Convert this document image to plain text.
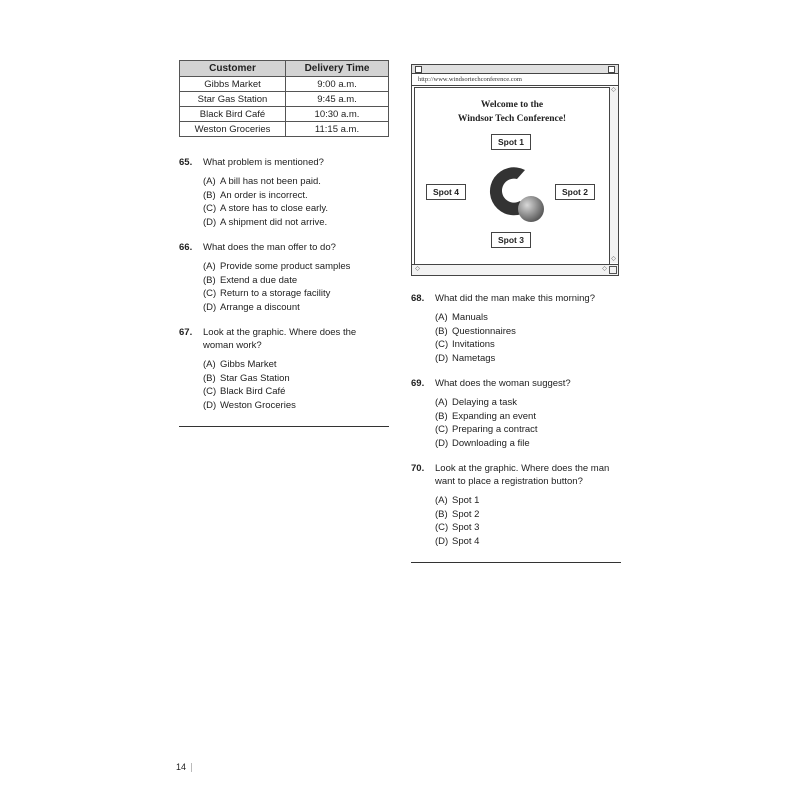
Customer	Delivery Time
Gibbs Market	9:00 a.m.
Star Gas Station	9:45 a.m.
Black Bird Café	10:30 a.m.
Weston Groceries	11:15 a.m.
65.	What problem is mentioned?
(A) A bill has not been paid.
(B) An order is incorrect.
(C) A store has to close early.
(D) A shipment did not arrive.
66.	What does the man offer to do?
(A) Provide some product samples
(B) Extend a due date
(C) Return to a storage facility
(D) Arrange a discount
67.	Look at the graphic. Where does the woman work?
(A) Gibbs Market
(B) Star Gas Station
(C) Black Bird Café
(D) Weston Groceries
http://www.windsortechconference.com
Welcome to the
Windsor Tech Conference!
Spot 1
Spot 2
Spot 3
Spot 4
◇
◇
◇	◇
68.	What did the man make this morning?
(A) Manuals
(B) Questionnaires
(C) Invitations
(D) Nametags
69.	What does the woman suggest?
(A) Delaying a task
(B) Expanding an event
(C) Preparing a contract
(D) Downloading a file
70.	Look at the graphic. Where does the man want to place a registration button?
(A) Spot 1
(B) Spot 2
(C) Spot 3
(D) Spot 4
14
